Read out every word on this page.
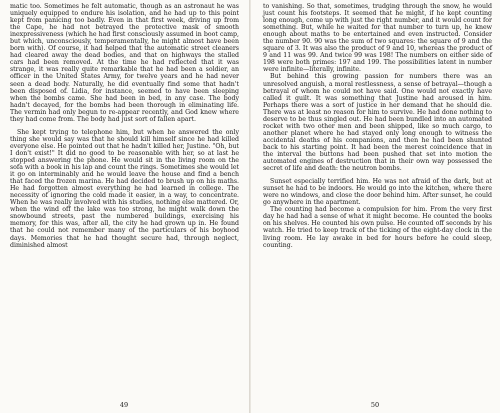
matic too. Sometimes he felt automatic, though as an astronaut he was uniquely equipped to endure his isolation, and he had up to this point kept from panicing too badly. Even in that first week, driving up from the Cape, he had not betrayed the protective mask of smooth inexpressiveness (which he had first consciously assumed in boot camp, but which, unconsciously, temperamentally, he might almost have been born with). Of course, it had helped that the automatic street cleaners had cleared away the dead bodies, and that on highways the stalled cars had been removed. At the time he had reflected that it was strange, it was really quite remarkable that he had been a soldier, an officer in the United States Army, for twelve years and he had never seen a dead body. Naturally, he did eventually find some that hadn't been disposed of. Lidia, for instance, seemed to have been sleeping when the bombs came. She had been in bed, in any case. The body hadn't decayed, for the bombs had been thorough in eliminating life. The vermin had only begun to re-appear recently, and God knew where they had come from. The body had just sort of fallen apart.

She kept trying to telephone him, but when he answered the only thing she would say was that he should kill himself since he had killed everyone else. He pointed out that he hadn't killed her, Justine. "Oh, but I don't exist!" It did no good to be reasonable with her, so at last he stopped answering the phone. He would sit in the living room on the sofa with a book in his lap and count the rings. Sometimes she would let it go on interminably and he would leave the house and find a bench that faced the frozen marina. He had decided to brush up on his maths. He had forgotten almost everything he had learned in college. The necessity of ignoring the cold made it easier, in a way, to concentrate. When he was really involved with his studies, nothing else mattered. Or, when the wind off the lake was too strong, he might walk down the snowbound streets, past the numbered buildings, exercising his memory, for this was, after all, the city he had grown up in. He found that he could not remember many of the particulars of his boyhood days. Memories that he had thought secure had, through neglect, diminished almost

49

to vanishing. So that, sometimes, trudging through the snow, he would just count his footsteps. It seemed that he might, if he kept counting long enough, come up with just the right number, and it would count for something. But, while he waited for that number to turn up, he knew enough about maths to be entertained and even instructed. Consider the number 90. 90 was the sum of two squares: the square of 9 and the square of 3. It was also the product of 9 and 10, whereas the product of 9 and 11 was 99. And twice 99 was 198! The numbers on either side of 198 were both primes: 197 and 199. The possibilities latent in number were infinite—literally, infinite.

But behind this growing passion for numbers there was an unresolved anguish, a moral restlessness, a sense of betrayal—though a betrayal of whom he could not have said. One would not exactly have called it guilt. It was something that Justine had aroused in him. Perhaps there was a sort of justice in her demand that he should die. There was at least no reason for him to survive. He had done nothing to deserve to be thus singled out. He had been bundled into an automated rocket with two other men and been shipped, like so much cargo, to another planet where he had stayed only long enough to witness the accidental deaths of his companions, and then he had been shunted back to his starting point. It had been the merest coincidence that in the interval the buttons had been pushed that set into motion the automated engines of destruction that in their own way possessed the secret of life and death: the neutron bombs.

Sunset especially terrified him. He was not afraid of the dark, but at sunset he had to be indoors. He would go into the kitchen, where there were no windows, and close the door behind him. After sunset, he could go anywhere in the apartment.

The counting had become a compulsion for him. From the very first day he had had a sense of what it might become. He counted the books on his shelves. He counted his own pulse. He counted off seconds by his watch. He tried to keep track of the ticking of the eight-day clock in the living room. He lay awake in bed for hours before he could sleep, counting.

50
